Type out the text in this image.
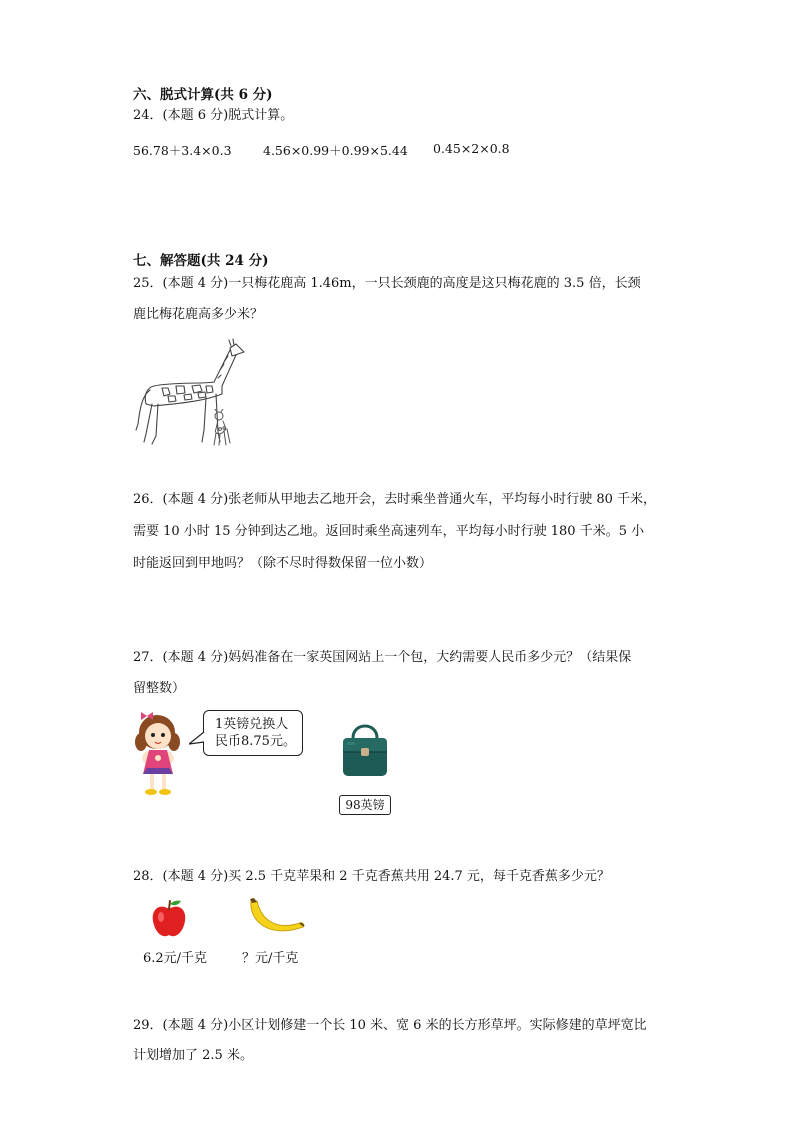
六、脱式计算(共 6 分)
24．(本题 6 分)脱式计算。
56.78＋3.4×0.3	4.56×0.99＋0.99×5.44 0.45×2×0.8
七、解答题(共 24 分)
25．(本题 4 分)一只梅花鹿高 1.46m，一只长颈鹿的高度是这只梅花鹿的 3.5 倍，长颈
鹿比梅花鹿高多少米？
26．(本题 4 分)张老师从甲地去乙地开会，去时乘坐普通火车，平均每小时行驶 80 千米，
需要 10 小时 15 分钟到达乙地。返回时乘坐高速列车，平均每小时行驶 180 千米。5 小
时能返回到甲地吗？（除不尽时得数保留一位小数）
27．(本题 4 分)妈妈准备在一家英国网站上一个包，大约需要人民币多少元？（结果保
留整数）
1英镑兑换人
民币8.75元。
98英镑
28．(本题 4 分)买 2.5 千克苹果和 2 千克香蕉共用 24.7 元，每千克香蕉多少元？
6.2元/千克	？元/千克
29．(本题 4 分)小区计划修建一个长 10 米、宽 6 米的长方形草坪。实际修建的草坪宽比
计划增加了 2.5 米。
